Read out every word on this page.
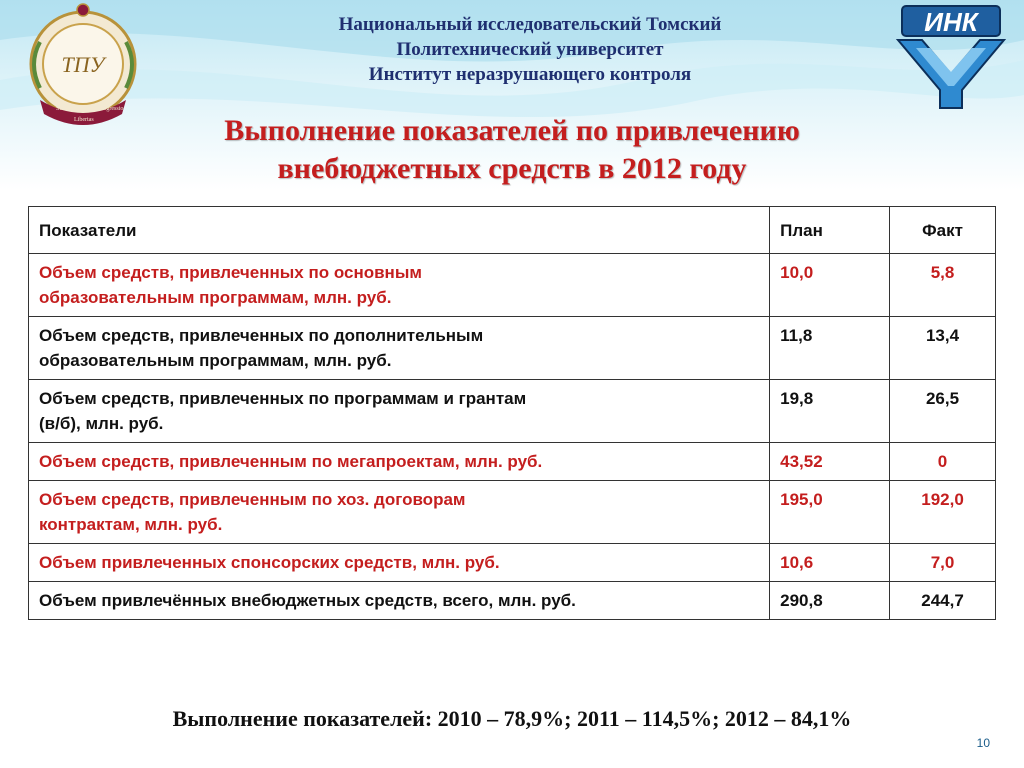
ТПУ
Scientia
Libertas
Progressio
Национальный исследовательский Томский
Политехнический университет
Институт неразрушающего контроля
ИНК
Выполнение показателей по привлечению
внебюджетных средств в 2012 году
Показатели	План	Факт

Объем средств, привлеченных по основным
образовательным программам, млн. руб.	10,0	5,8

Объем средств, привлеченных по дополнительным
образовательным программам, млн. руб.	11,8	13,4

Объем средств, привлеченных по программам и грантам
(в/б), млн. руб.	19,8	26,5

Объем средств, привлеченным по мегапроектам, млн. руб.	43,52	0

Объем средств, привлеченным по хоз. договорам
контрактам, млн. руб.	195,0	192,0

Объем привлеченных спонсорских средств, млн. руб.	10,6	7,0

Объем привлечённых внебюджетных средств, всего, млн. руб.	290,8	244,7
Выполнение показателей: 2010 – 78,9%; 2011 – 114,5%; 2012 – 84,1%
10
